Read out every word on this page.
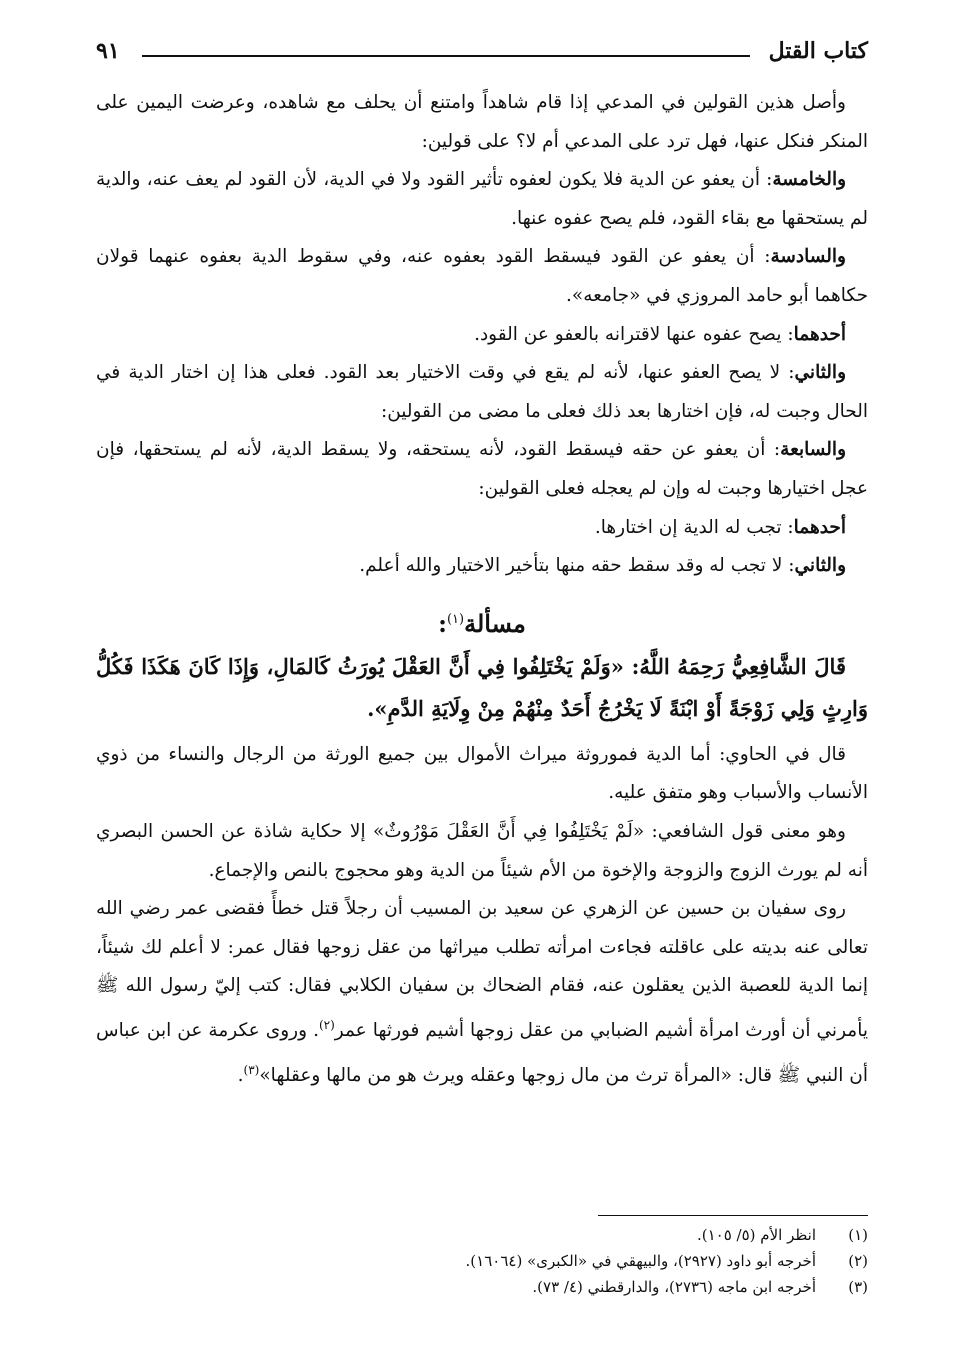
كتاب القتل
٩١

وأصل هذين القولين في المدعي إذا قام شاهداً وامتنع أن يحلف مع شاهده، وعرضت اليمين على المنكر فنكل عنها، فهل ترد على المدعي أم لا؟ على قولين:

والخامسة: أن يعفو عن الدية فلا يكون لعفوه تأثير القود ولا في الدية، لأن القود لم يعف عنه، والدية لم يستحقها مع بقاء القود، فلم يصح عفوه عنها.

والسادسة: أن يعفو عن القود فيسقط القود بعفوه عنه، وفي سقوط الدية بعفوه عنهما قولان حكاهما أبو حامد المروزي في «جامعه».

أحدهما: يصح عفوه عنها لاقترانه بالعفو عن القود.

والثاني: لا يصح العفو عنها، لأنه لم يقع في وقت الاختيار بعد القود. فعلى هذا إن اختار الدية في الحال وجبت له، فإن اختارها بعد ذلك فعلى ما مضى من القولين:

والسابعة: أن يعفو عن حقه فيسقط القود، لأنه يستحقه، ولا يسقط الدية، لأنه لم يستحقها، فإن عجل اختيارها وجبت له وإن لم يعجله فعلى القولين:

أحدهما: تجب له الدية إن اختارها.

والثاني: لا تجب له وقد سقط حقه منها بتأخير الاختيار والله أعلم.

مسألة$^{(١)}$:

قَالَ الشَّافِعِيُّ رَحِمَهُ اللَّهُ: «وَلَمْ يَخْتَلِفُوا فِي أَنَّ العَقْلَ يُورَثُ كَالمَالِ، وَإِذَا كَانَ هَكَذَا فَكُلُّ وَارِثٍ وَلِي زَوْجَةً أَوْ ابْنَةً لَا يَخْرُجُ أَحَدٌ مِنْهُمْ مِنْ وِلَايَةِ الدَّمِ».

قال في الحاوي: أما الدية فموروثة ميراث الأموال بين جميع الورثة من الرجال والنساء من ذوي الأنساب والأسباب وهو متفق عليه.

وهو معنى قول الشافعي: «لَمْ يَخْتَلِفُوا فِي أَنَّ العَقْلَ مَوْرُوثٌ» إلا حكاية شاذة عن الحسن البصري أنه لم يورث الزوج والزوجة والإخوة من الأم شيئاً من الدية وهو محجوج بالنص والإجماع.

روى سفيان بن حسين عن الزهري عن سعيد بن المسيب أن رجلاً قتل خطأً فقضى عمر رضي الله تعالى عنه بديته على عاقلته فجاءت امرأته تطلب ميراثها من عقل زوجها فقال عمر: لا أعلم لك شيئاً، إنما الدية للعصبة الذين يعقلون عنه، فقام الضحاك بن سفيان الكلابي فقال: كتب إليّ رسول الله ﷺ يأمرني أن أورث امرأة أشيم الضبابي من عقل زوجها أشيم فورثها عمر$^{(٢)}$. وروى عكرمة عن ابن عباس أن النبي ﷺ قال: «المرأة ترث من مال زوجها وعقله ويرث هو من مالها وعقلها»$^{(٣)}$.

(١)
انظر الأم (٥/ ١٠٥).
(٢)
أخرجه أبو داود (٢٩٢٧)، والبيهقي في «الكبرى» (١٦٠٦٤).
(٣)
أخرجه ابن ماجه (٢٧٣٦)، والدارقطني (٤/ ٧٣).
